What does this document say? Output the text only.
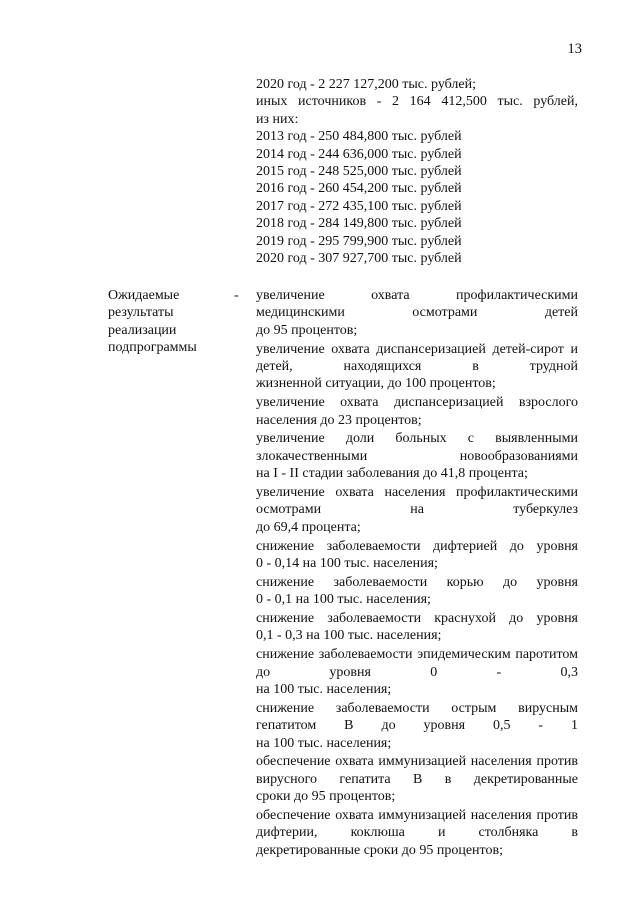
13
2020 год - 2 227 127,200 тыс. рублей;
иных источников - 2 164 412,500 тыс. рублей,
из них:
2013 год - 250 484,800 тыс. рублей
2014 год - 244 636,000 тыс. рублей
2015 год - 248 525,000 тыс. рублей
2016 год - 260 454,200 тыс. рублей
2017 год - 272 435,100 тыс. рублей
2018 год - 284 149,800 тыс. рублей
2019 год - 295 799,900 тыс. рублей
2020 год - 307 927,700 тыс. рублей
Ожидаемые
результаты
реализации
подпрограммы
- увеличение охвата профилактическими медицинскими осмотрами детей
до 95 процентов;
увеличение охвата диспансеризацией детей-сирот и детей, находящихся в трудной
жизненной ситуации, до 100 процентов;
увеличение охвата диспансеризацией взрослого
населения до 23 процентов;
увеличение доли больных с выявленными злокачественными новообразованиями
на I - II стадии заболевания до 41,8 процента;
увеличение охвата населения профилактическими осмотрами на туберкулез
до 69,4 процента;
снижение заболеваемости дифтерией до уровня
0 - 0,14 на 100 тыс. населения;
снижение заболеваемости корью до уровня
0 - 0,1 на 100 тыс. населения;
снижение заболеваемости краснухой до уровня
0,1 - 0,3 на 100 тыс. населения;
снижение заболеваемости эпидемическим паротитом до уровня 0 - 0,3
на 100 тыс. населения;
снижение заболеваемости острым вирусным гепатитом В до уровня 0,5 - 1
на 100 тыс. населения;
обеспечение охвата иммунизацией населения против вирусного гепатита В в декретированные
сроки до 95 процентов;
обеспечение охвата иммунизацией населения против дифтерии, коклюша и столбняка в
декретированные сроки до 95 процентов;
